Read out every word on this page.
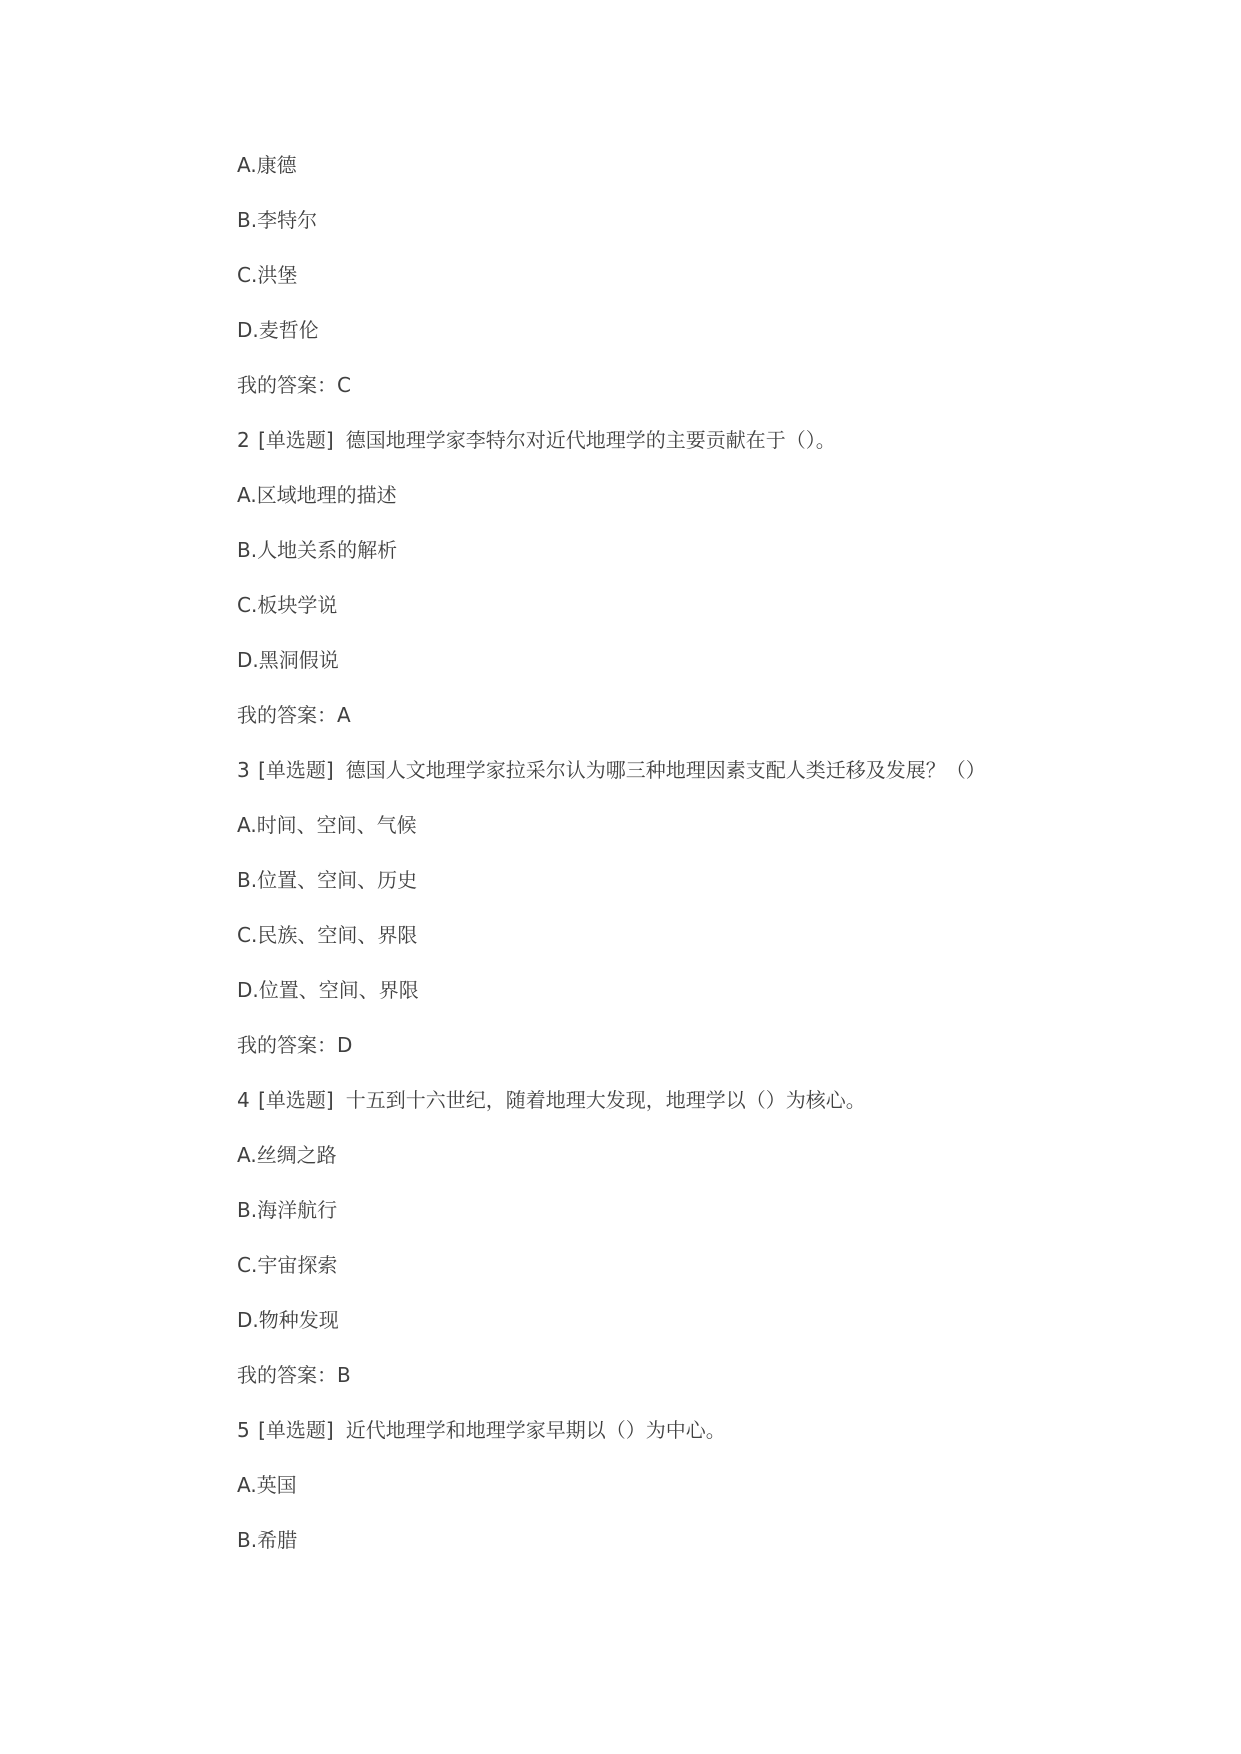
A.康德
B.李特尔
C.洪堡
D.麦哲伦
我的答案：C
2 [单选题] 德国地理学家李特尔对近代地理学的主要贡献在于（）。
A.区域地理的描述
B.人地关系的解析
C.板块学说
D.黑洞假说
我的答案：A
3 [单选题] 德国人文地理学家拉采尔认为哪三种地理因素支配人类迁移及发展？（）
A.时间、空间、气候
B.位置、空间、历史
C.民族、空间、界限
D.位置、空间、界限
我的答案：D
4 [单选题] 十五到十六世纪，随着地理大发现，地理学以（）为核心。
A.丝绸之路
B.海洋航行
C.宇宙探索
D.物种发现
我的答案：B
5 [单选题] 近代地理学和地理学家早期以（）为中心。
A.英国
B.希腊
